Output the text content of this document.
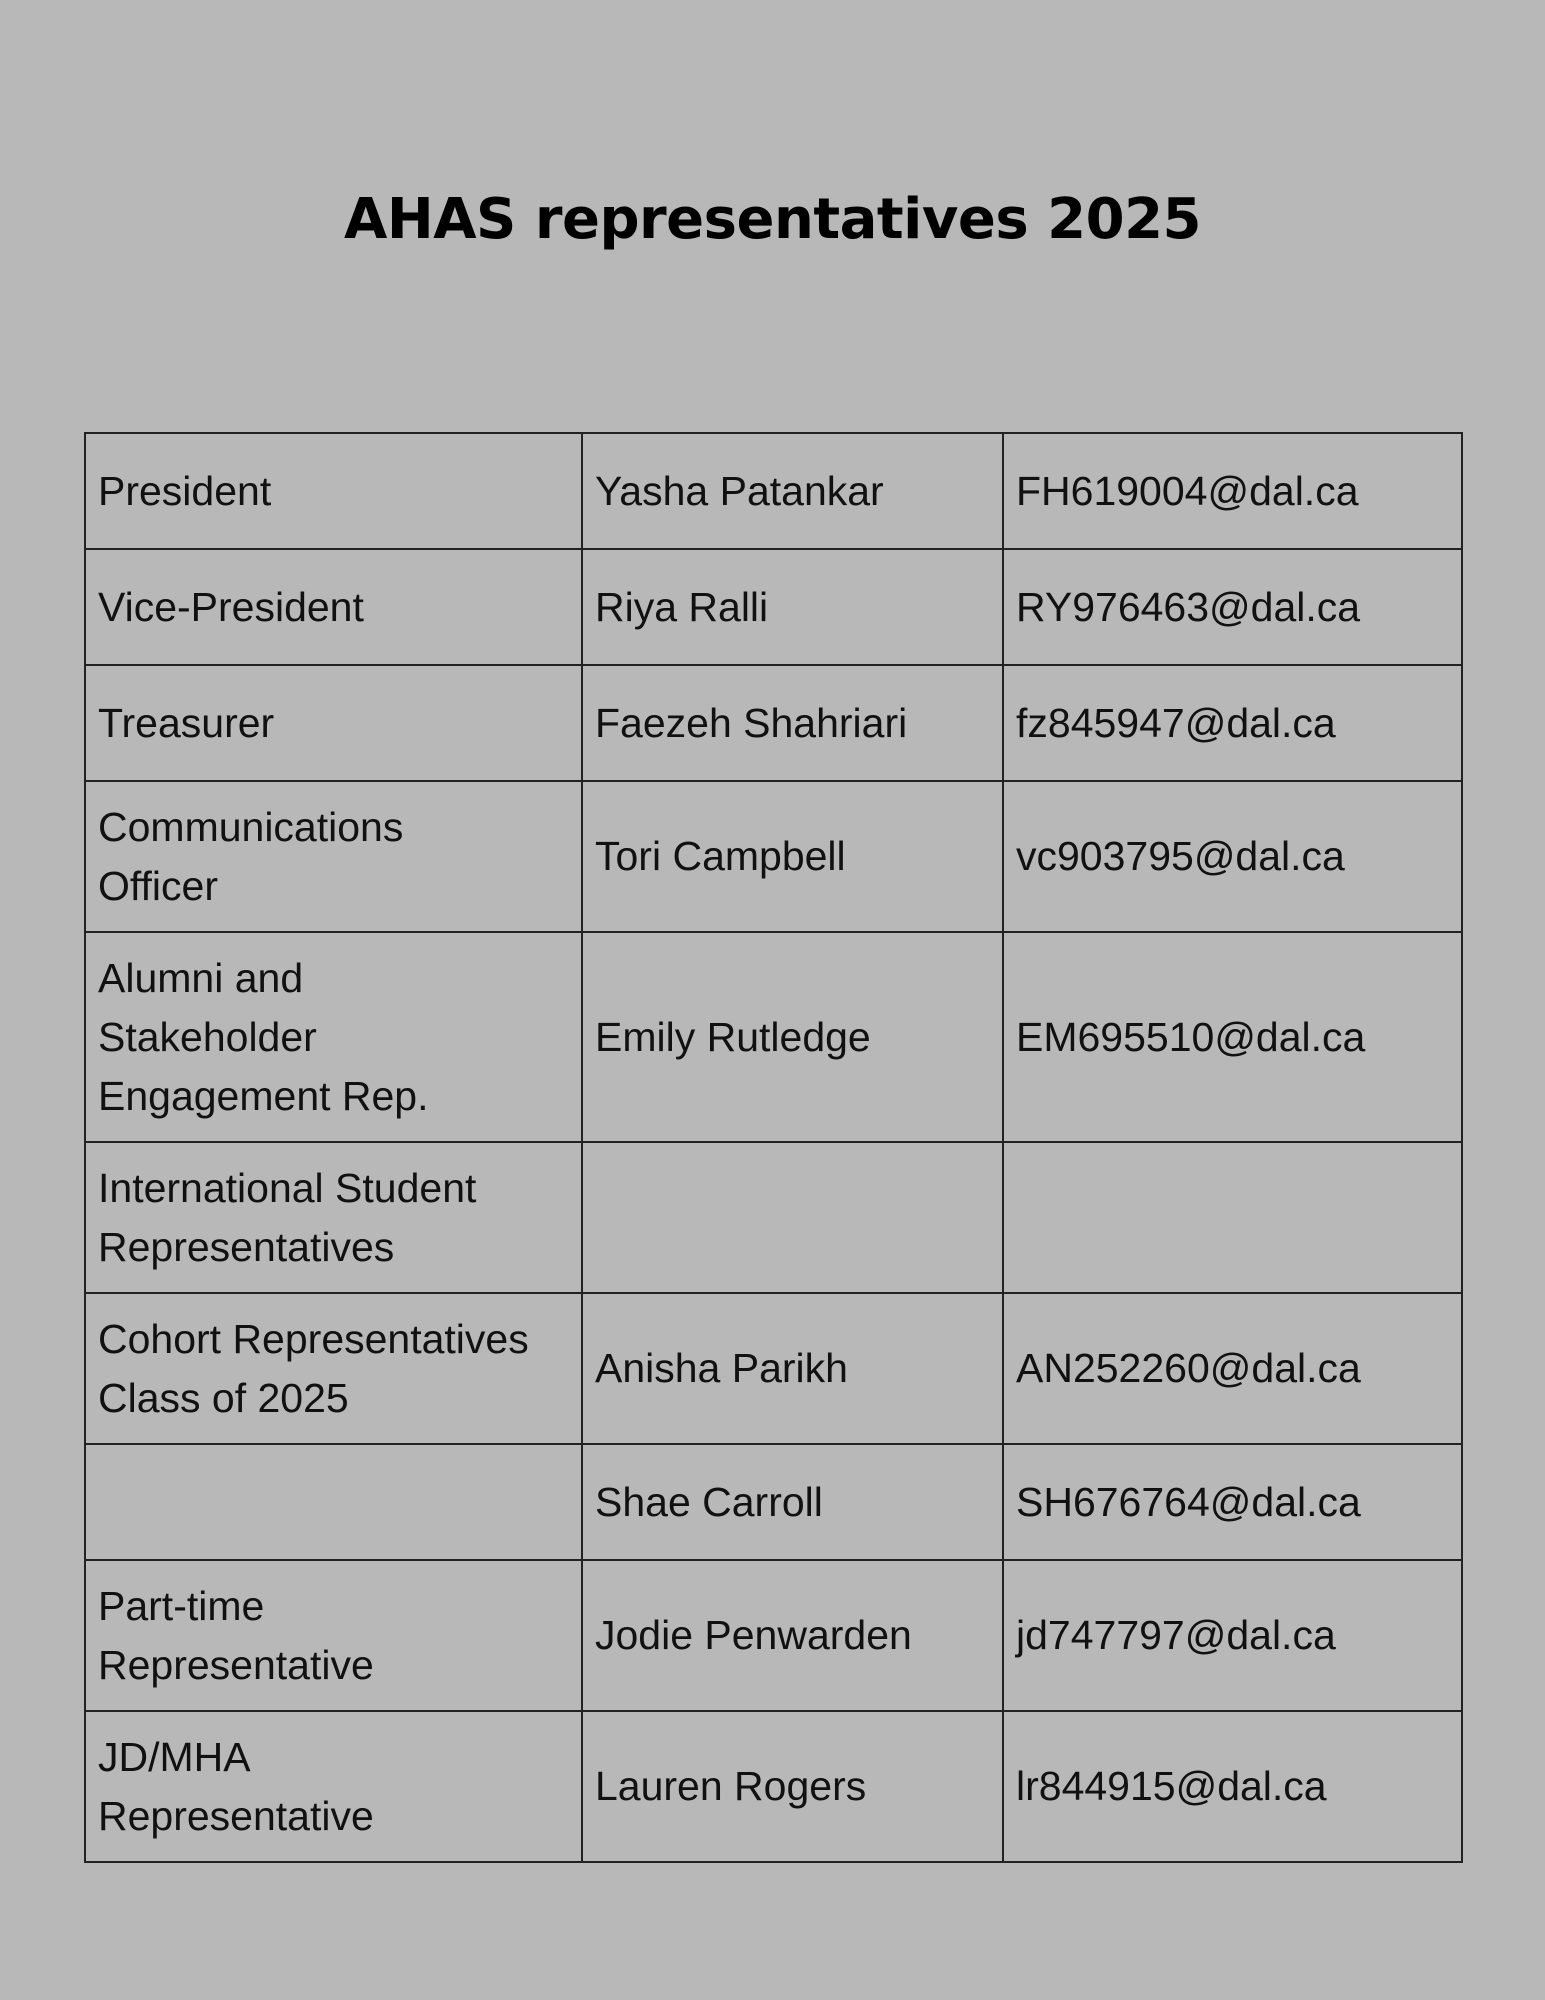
AHAS representatives 2025
President	Yasha Patankar	FH619004@dal.ca
Vice-President	Riya Ralli	RY976463@dal.ca
Treasurer	Faezeh Shahriari	fz845947@dal.ca
Communications
Officer	Tori Campbell	vc903795@dal.ca
Alumni and
Stakeholder
Engagement Rep.	Emily Rutledge	EM695510@dal.ca
International Student
Representatives		
Cohort Representatives
Class of 2025	Anisha Parikh	AN252260@dal.ca
	Shae Carroll	SH676764@dal.ca
Part-time
Representative	Jodie Penwarden	jd747797@dal.ca
JD/MHA
Representative	Lauren Rogers	lr844915@dal.ca
